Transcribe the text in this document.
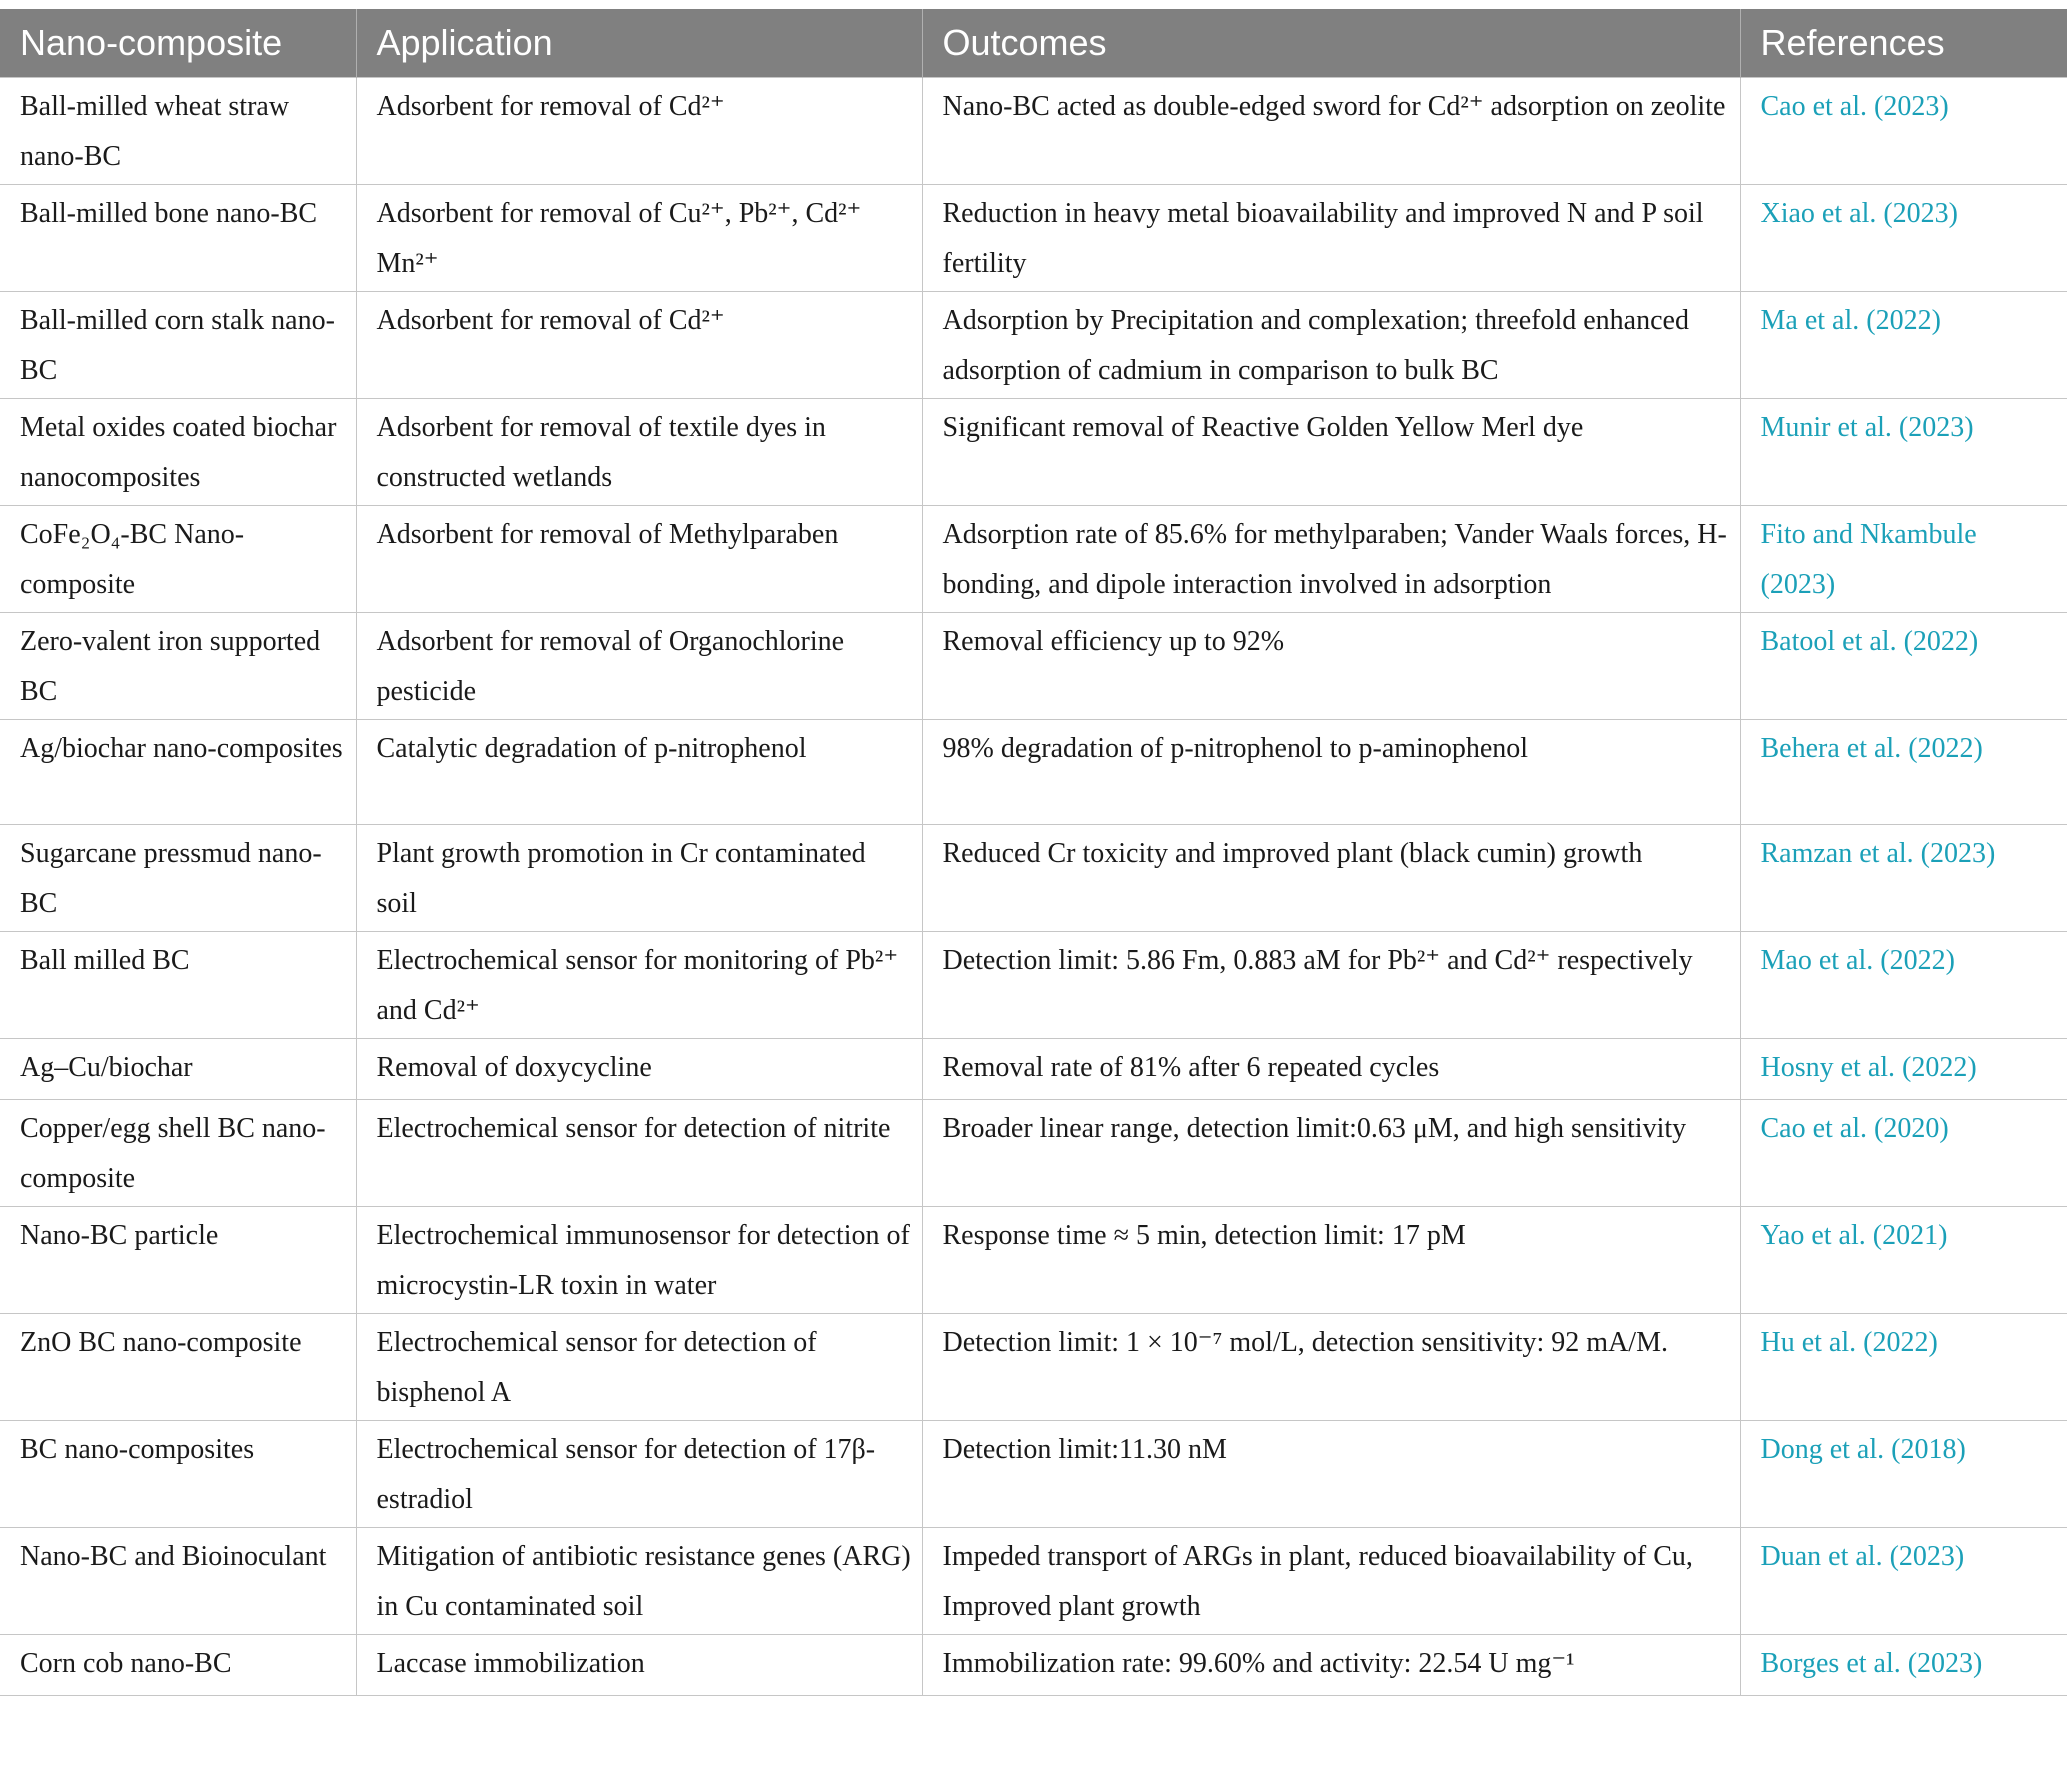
Nano-composite	Application	Outcomes	References
Ball-milled wheat straw nano-BC	Adsorbent for removal of Cd²⁺	Nano-BC acted as double-edged sword for Cd²⁺ adsorption on zeolite	Cao et al. (2023)
Ball-milled bone nano-BC	Adsorbent for removal of Cu²⁺, Pb²⁺, Cd²⁺ Mn²⁺	Reduction in heavy metal bioavailability and improved N and P soil fertility	Xiao et al. (2023)
Ball-milled corn stalk nano-BC	Adsorbent for removal of Cd²⁺	Adsorption by Precipitation and complexation; threefold enhanced adsorption of cadmium in comparison to bulk BC	Ma et al. (2022)
Metal oxides coated biochar nanocomposites	Adsorbent for removal of textile dyes in constructed wetlands	Significant removal of Reactive Golden Yellow Merl dye	Munir et al. (2023)
CoFe₂O₄-BC Nano-composite	Adsorbent for removal of Methylparaben	Adsorption rate of 85.6% for methylparaben; Vander Waals forces, H-bonding, and dipole interaction involved in adsorption	Fito and Nkambule (2023)
Zero-valent iron supported BC	Adsorbent for removal of Organochlorine pesticide	Removal efficiency up to 92%	Batool et al. (2022)
Ag/biochar nano-composites	Catalytic degradation of p-nitrophenol	98% degradation of p-nitrophenol to p-aminophenol	Behera et al. (2022)
Sugarcane pressmud nano-BC	Plant growth promotion in Cr contaminated soil	Reduced Cr toxicity and improved plant (black cumin) growth	Ramzan et al. (2023)
Ball milled BC	Electrochemical sensor for monitoring of Pb²⁺ and Cd²⁺	Detection limit: 5.86 Fm, 0.883 aM for Pb²⁺ and Cd²⁺ respectively	Mao et al. (2022)
Ag–Cu/biochar	Removal of doxycycline	Removal rate of 81% after 6 repeated cycles	Hosny et al. (2022)
Copper/egg shell BC nano-composite	Electrochemical sensor for detection of nitrite	Broader linear range, detection limit:0.63 μM, and high sensitivity	Cao et al. (2020)
Nano-BC particle	Electrochemical immunosensor for detection of microcystin-LR toxin in water	Response time ≈ 5 min, detection limit: 17 pM	Yao et al. (2021)
ZnO BC nano-composite	Electrochemical sensor for detection of bisphenol A	Detection limit: 1 × 10⁻⁷ mol/L, detection sensitivity: 92 mA/M.	Hu et al. (2022)
BC nano-composites	Electrochemical sensor for detection of 17β-estradiol	Detection limit:11.30 nM	Dong et al. (2018)
Nano-BC and Bioinoculant	Mitigation of antibiotic resistance genes (ARG) in Cu contaminated soil	Impeded transport of ARGs in plant, reduced bioavailability of Cu, Improved plant growth	Duan et al. (2023)
Corn cob nano-BC	Laccase immobilization	Immobilization rate: 99.60% and activity: 22.54 U mg⁻¹	Borges et al. (2023)
